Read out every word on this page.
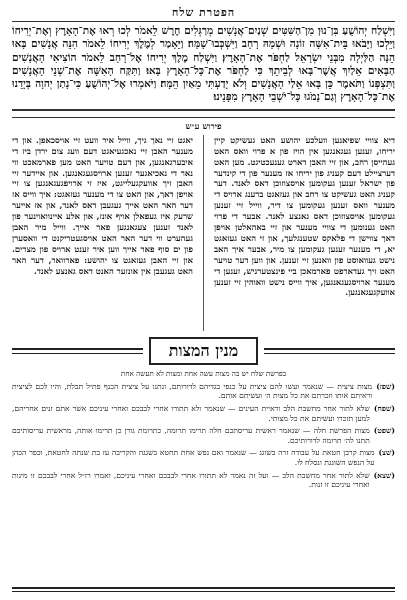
הפטרת שלח
וַיִּשְׁלַח יְהוֹשֻׁעַ בִּן־נוּן מִן־הַשִּׁטִּים שְׁנַיִם־אֲנָשִׁים מְרַגְּלִים חֶרֶשׁ לֵאמֹר לְכוּ רְאוּ אֶת־הָאָרֶץ וְאֶת־יְרִיחוֹ וַיֵּלְכוּ וַיָּבֹאוּ בֵּית־אִשָּׁה זוֹנָה וּשְׁמָהּ רָחָב וַיִּשְׁכְּבוּ־שָׁמָּה׃ וַיֵּאָמַר לְמֶלֶךְ יְרִיחוֹ לֵאמֹר הִנֵּה אֲנָשִׁים בָּאוּ הֵנָּה הַלַּיְלָה מִבְּנֵי יִשְׂרָאֵל לַחְפֹּר אֶת־הָאָרֶץ׃ וַיִּשְׁלַח מֶלֶךְ יְרִיחוֹ אֶל־רָחָב לֵאמֹר הוֹצִיאִי הָאֲנָשִׁים הַבָּאִים אֵלַיִךְ אֲשֶׁר־בָּאוּ לְבֵיתֵךְ כִּי לַחְפֹּר אֶת־כָּל־הָאָרֶץ בָּאוּ׃ וַתִּקַּח הָאִשָּׁה אֶת־שְׁנֵי הָאֲנָשִׁים וַתִּצְפְּנוֹ וַתֹּאמֶר כֵּן בָּאוּ אֵלַי הָאֲנָשִׁים וְלֹא יָדַעְתִּי מֵאַיִן הֵמָּה׃ וַיֹּאמְרוּ אֶל־יְהוֹשֻׁעַ כִּי־נָתַן יְהוָה בְּיָדֵנוּ אֶת־כָּל־הָאָרֶץ וְגַם־נָמֹגוּ כָּל־יֹשְׁבֵי הָאָרֶץ מִפָּנֵינוּ׃
פירוש ע״ש
דיא צוויי שפיאנען וועלכע יהושע האט געשיקט קיין יריחו, זענען געגאנגען אין הויז פון א פרוי וואס האט געהייסן רחב, און זיי האבן דארט גענעכטיגט. מען האט דערציילט דעם קעניג פון יריחו אז מענער פון די קינדער פון ישראל זענען געקומען אויסצוזוכן דאס לאנד. דער קעניג האט געשיקט צו רחב און געזאגט ברענג ארויס די מענער וואס זענען געקומען צו דיר, ווייל זיי זענען געקומען אויסצוזוכן דאס גאנצע לאנד. אבער די פרוי האט גענומען די צוויי מענער און זיי באהאלטן אויפן דאך צווישן די פלאקס שטענגלעך, און זי האט געזאגט יא, די מענער זענען געקומען צו מיר, אבער איך האב נישט געוואוסט פון וואנען זיי זענען. און ווען דער טויער האט זיך געדארפט פארמאכן ביי פינצטערניש, זענען די מענער ארויסגעגאנגען, איך ווייס נישט וואוהין זיי זענען אוועקגעגאנגען.
יאגט זיי נאך גיך, ווייל איר וועט זיי אויסכאפן. און די מענער האבן זיי נאכגעיאגט דעם וועג צום ירדן ביז די איבערגאנגען, און דעם טויער האט מען פארמאכט ווי נאר די נאכיאגער זענען ארויסגעגאנגען. און איידער זיי האבן זיך אוועקגעלייגט, איז זי ארויפגעגאנגען צו זיי אויפן דאך, און האט צו די מענער געזאגט: איך ווייס אז דער האר האט אייך געגעבן דאס לאנד, און אז אייער שרעק איז געפאלן אויף אונז, און אלע איינוואוינער פון לאנד זענען צעגאנגען פאר אייך. ווייל מיר האבן געהערט ווי דער האר האט אויסגעטריקנט די וואסערן פון ים סוף פאר אייך ווען איר זענט ארויס פון מצרים. און זיי האבן געזאגט צו יהושע: פארוואר, דער האר האט געגעבן אין אונזער האנט דאס גאנצע לאנד.
מנין המצות
בפרשת שלח יש בה מצות עשה אחת ומצות לא תעשה אחת
(שפז)
מצות ציצית — שנאמר ועשו להם ציצית על כנפי בגדיהם לדורותם, ונתנו על ציצית הכנף פתיל תכלת, והיו לכם לציצית וראיתם אותו וזכרתם את כל מצות ה׳ ועשיתם אותם.
(שפח)
שלא לתור אחר מחשבת הלב וראיית העינים — שנאמר ולא תתורו אחרי לבבכם ואחרי עיניכם אשר אתם זנים אחריהם, למען תזכרו ועשיתם את כל מצותי.
(שפט)
מצות הפרשת חלה — שנאמר ראשית עריסתכם חלה תרימו תרומה, כתרומת גורן כן תרימו אותה, מראשית עריסותיכם תתנו לה׳ תרומה לדורותיכם.
(שצ)
מצות קרבן חטאת על עבודה זרה בשוגג — שנאמר ואם נפש אחת תחטא בשגגה והקריבה עז בת שנתה לחטאת, וכפר הכהן על הנפש השוגגת ונסלח לו.
(שצא)
שלא לתור אחר מחשבת הלב — ועל זה נאמר לא תתורו אחרי לבבכם ואחרי עיניכם, ואמרו רז״ל אחרי לבבכם זו מינות ואחרי עיניכם זו זנות.
